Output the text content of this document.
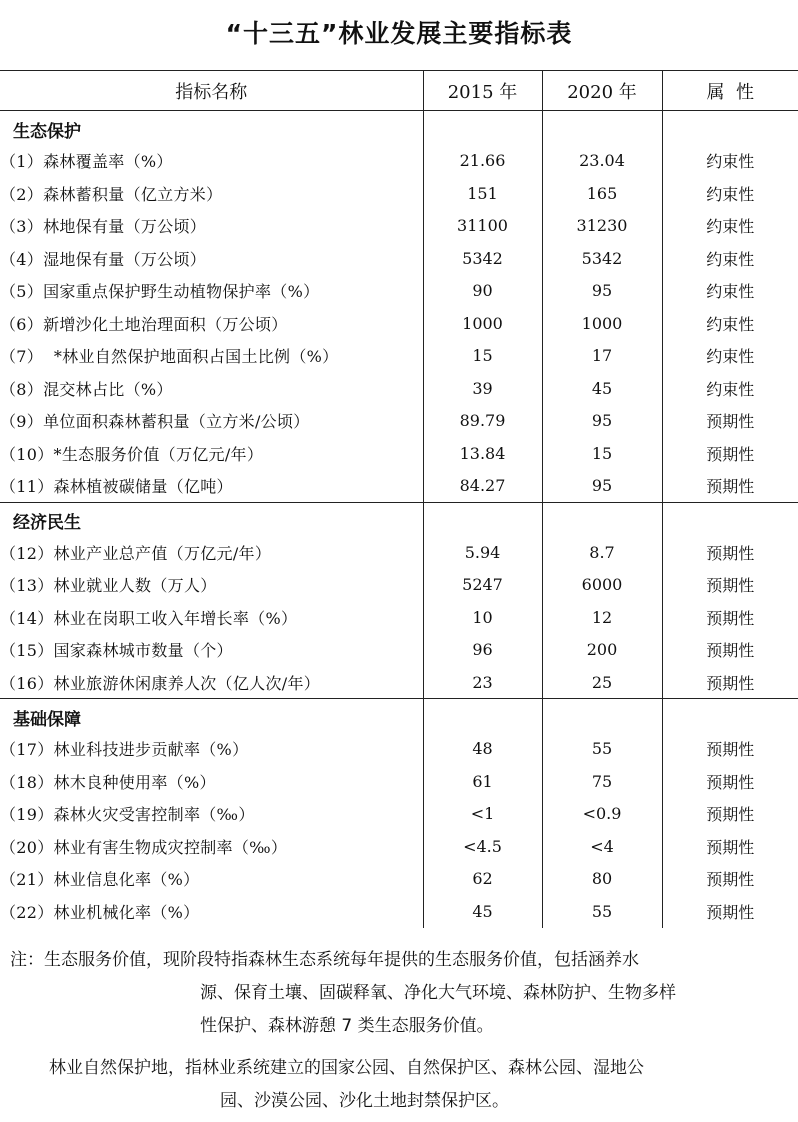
“十三五”林业发展主要指标表
指标名称	2015 年	2020 年	属  性
生态保护			
（1）森林覆盖率（%）	21.66	23.04	约束性
（2）森林蓄积量（亿立方米）	151	165	约束性
（3）林地保有量（万公顷）	31100	31230	约束性
（4）湿地保有量（万公顷）	5342	5342	约束性
（5）国家重点保护野生动植物保护率（%）	90	95	约束性
（6）新增沙化土地治理面积（万公顷）	1000	1000	约束性
（7）  *林业自然保护地面积占国土比例（%）	15	17	约束性
（8）混交林占比（%）	39	45	约束性
（9）单位面积森林蓄积量（立方米/公顷）	89.79	95	预期性
（10）*生态服务价值（万亿元/年）	13.84	15	预期性
（11）森林植被碳储量（亿吨）	84.27	95	预期性
经济民生			
（12）林业产业总产值（万亿元/年）	5.94	8.7	预期性
（13）林业就业人数（万人）	5247	6000	预期性
（14）林业在岗职工收入年增长率（%）	10	12	预期性
（15）国家森林城市数量（个）	96	200	预期性
（16）林业旅游休闲康养人次（亿人次/年）	23	25	预期性
基础保障			
（17）林业科技进步贡献率（%）	48	55	预期性
（18）林木良种使用率（%）	61	75	预期性
（19）森林火灾受害控制率（‰）	<1	<0.9	预期性
（20）林业有害生物成灾控制率（‰）	<4.5	<4	预期性
（21）林业信息化率（%）	62	80	预期性
（22）林业机械化率（%）	45	55	预期性
注：生态服务价值，现阶段特指森林生态系统每年提供的生态服务价值，包括涵养水
源、保育土壤、固碳释氧、净化大气环境、森林防护、生物多样
性保护、森林游憩 7 类生态服务价值。
林业自然保护地，指林业系统建立的国家公园、自然保护区、森林公园、湿地公
园、沙漠公园、沙化土地封禁保护区。
